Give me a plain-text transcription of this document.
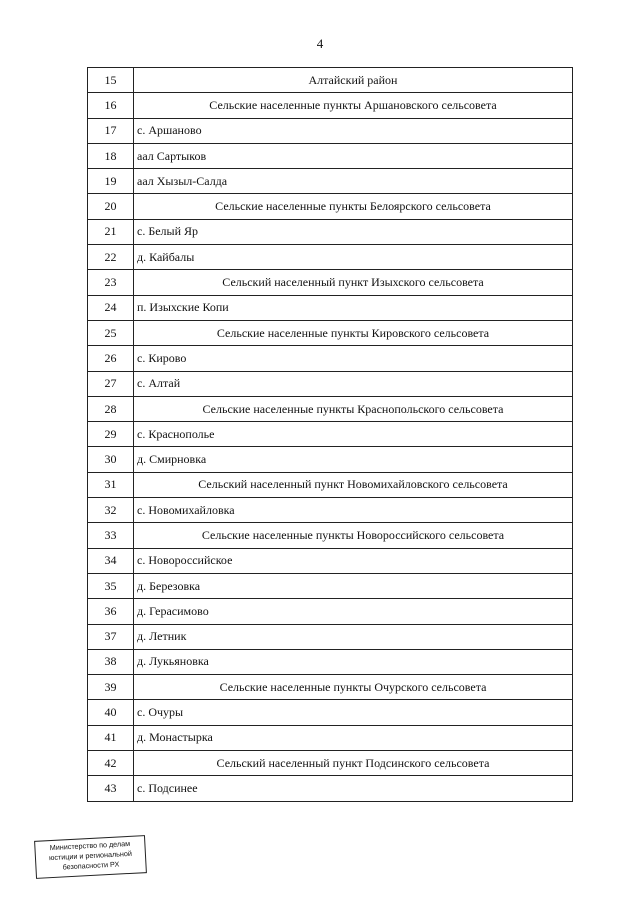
4
15	Алтайский район
16	Сельские населенные пункты Аршановского сельсовета
17	с. Аршаново
18	аал Сартыков
19	аал Хызыл-Салда
20	Сельские населенные пункты Белоярского сельсовета
21	с. Белый Яр
22	д. Кайбалы
23	Сельский населенный пункт Изыхского сельсовета
24	п. Изыхские Копи
25	Сельские населенные пункты Кировского сельсовета
26	с. Кирово
27	с. Алтай
28	Сельские населенные пункты Краснопольского сельсовета
29	с. Краснополье
30	д. Смирновка
31	Сельский населенный пункт Новомихайловского сельсовета
32	с. Новомихайловка
33	Сельские населенные пункты Новороссийского сельсовета
34	с. Новороссийское
35	д. Березовка
36	д. Герасимово
37	д. Летник
38	д. Лукьяновка
39	Сельские населенные пункты Очурского сельсовета
40	с. Очуры
41	д. Монастырка
42	Сельский населенный пункт Подсинского сельсовета
43	с. Подсинее
Министерство по делам
юстиции и региональной
безопасности РХ
